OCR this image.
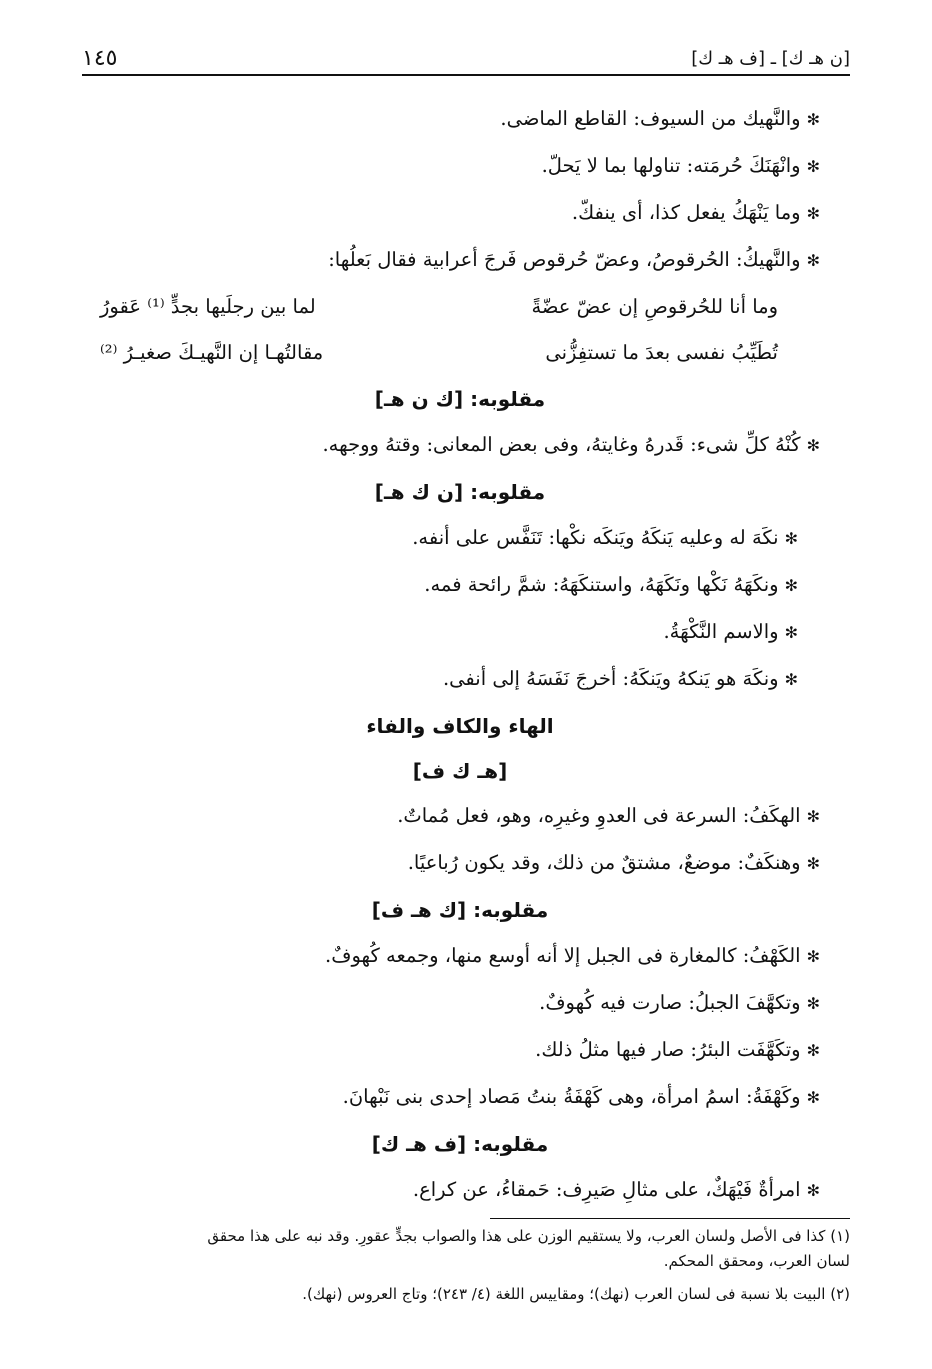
١٤٥	[ن هـ ك] ـ [ف هـ ك]

✻والنَّهيك من السيوف: القاطع الماضى.

✻وانْهَنَكَ حُرمَته: تناولها بما لا يَحلّ.

✻وما يَنْهَكُ يفعل كذا، أى ينفكّ.

✻والنَّهيكُ: الحُرقوصُ، وعضّ حُرقوص فَرجَ أعرابية فقال بَعلُها:

وما أنا للحُرقوصِ إن عضّ عضّةً
لما بين رجلَيها بجدٍّ ⁽¹⁾ عَقورُ
تُطَيِّبُ نفسى بعدَ ما تستفِزُّنى
مقالتُهـا إن النَّهيـكَ صغيـرُ ⁽²⁾

مقلوبه: [ك ن هـ]

✻كُنْهُ كلِّ شىء: قَدرهُ وغايتهُ، وفى بعض المعانى: وقتهُ ووجهه.

مقلوبه: [ن ك هـ]

✻نكَهَ له وعليه يَنكَهُ ويَنكَه نكْها: تَنَفَّس على أنفه.

✻ونكَهَهُ نَكْها ونَكَهَهُ، واستنكَهَهُ: شمَّ رائحة فمه.

✻والاسم النَّكْهَةُ.

✻ونكَهَ هو يَنكهُ ويَنكَهُ: أخرجَ نَفَسَهُ إلى أنفى.

الهاء والكاف والفاء

[هـ ك ف]

✻الهكَفُ: السرعة فى العدوِ وغيرِه، وهو، فعل مُماتٌ.

✻وهنكَفٌ: موضعٌ، مشتقٌ من ذلك، وقد يكون رُباعيًا.

مقلوبه: [ك هـ ف]

✻الكَهْفُ: كالمغارة فى الجبل إلا أنه أوسع منها، وجمعه كُهوفٌ.

✻وتكهَّفَ الجبلُ: صارت فيه كُهوفٌ.

✻وتكَهَّفَت البئرُ: صار فيها مثلُ ذلك.

✻وكَهْفَةُ: اسمُ امرأة، وهى كَهْفَةُ بنتُ مَصاد إحدى بنى نَبْهانَ.

مقلوبه: [ف هـ ك]

✻امرأةٌ فَيْهَكٌ، على مثالِ صَيرِف: حَمقاءُ، عن كراع.

(١) كذا فى الأصل ولسان العرب، ولا يستقيم الوزن على هذا والصواب بجدٍّ عقورِ. وقد نبه على هذا محقق

لسان العرب، ومحقق المحكم.

(٢) البيت بلا نسبة فى لسان العرب (نهك)؛ ومقاييس اللغة (٤/ ٢٤٣)؛ وتاج العروس (نهك).
